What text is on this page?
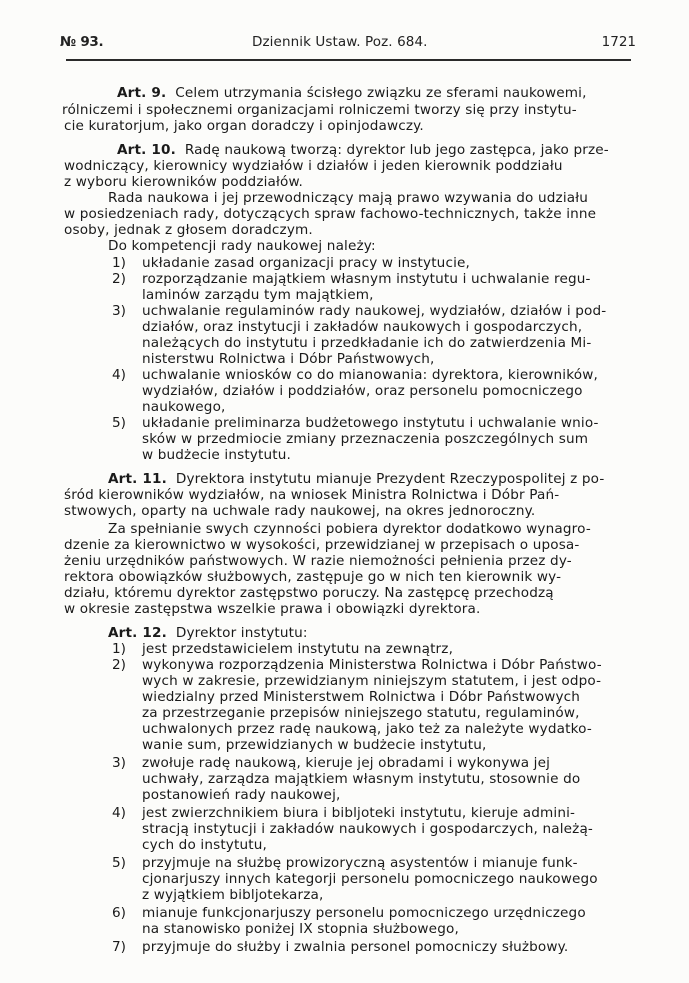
№ 93.	Dziennik Ustaw. Poz. 684.	1721
Art. 9. Celem utrzymania ścisłego związku ze sferami naukowemi,
rólniczemi i społecznemi organizacjami rolniczemi tworzy się przy instytu-
cie kuratorjum, jako organ doradczy i opinjodawczy.
Art. 10. Radę naukową tworzą: dyrektor lub jego zastępca, jako prze-
wodniczący, kierownicy wydziałów i działów i jeden kierownik poddziału
z wyboru kierowników poddziałów.
Rada naukowa i jej przewodniczący mają prawo wzywania do udziału
w posiedzeniach rady, dotyczących spraw fachowo-technicznych, także inne
osoby, jednak z głosem doradczym.
Do kompetencji rady naukowej należy:
1) układanie zasad organizacji pracy w instytucie,
2) rozporządzanie majątkiem własnym instytutu i uchwalanie regu-
laminów zarządu tym majątkiem,
3) uchwalanie regulaminów rady naukowej, wydziałów, działów i pod-
działów, oraz instytucji i zakładów naukowych i gospodarczych,
należących do instytutu i przedkładanie ich do zatwierdzenia Mi-
nisterstwu Rolnictwa i Dóbr Państwowych,
4) uchwalanie wniosków co do mianowania: dyrektora, kierowników,
wydziałów, działów i poddziałów, oraz personelu pomocniczego
naukowego,
5) układanie preliminarza budżetowego instytutu i uchwalanie wnio-
sków w przedmiocie zmiany przeznaczenia poszczególnych sum
w budżecie instytutu.
Art. 11. Dyrektora instytutu mianuje Prezydent Rzeczypospolitej z po-
śród kierowników wydziałów, na wniosek Ministra Rolnictwa i Dóbr Pań-
stwowych, oparty na uchwale rady naukowej, na okres jednoroczny.
Za spełnianie swych czynności pobiera dyrektor dodatkowo wynagro-
dzenie za kierownictwo w wysokości, przewidzianej w przepisach o uposa-
żeniu urzędników państwowych. W razie niemożności pełnienia przez dy-
rektora obowiązków służbowych, zastępuje go w nich ten kierownik wy-
działu, któremu dyrektor zastępstwo poruczy. Na zastępcę przechodzą
w okresie zastępstwa wszelkie prawa i obowiązki dyrektora.
Art. 12. Dyrektor instytutu:
1) jest przedstawicielem instytutu na zewnątrz,
2) wykonywa rozporządzenia Ministerstwa Rolnictwa i Dóbr Państwo-
wych w zakresie, przewidzianym niniejszym statutem, i jest odpo-
wiedzialny przed Ministerstwem Rolnictwa i Dóbr Państwowych
za przestrzeganie przepisów niniejszego statutu, regulaminów,
uchwalonych przez radę naukową, jako też za należyte wydatko-
wanie sum, przewidzianych w budżecie instytutu,
3) zwołuje radę naukową, kieruje jej obradami i wykonywa jej
uchwały, zarządza majątkiem własnym instytutu, stosownie do
postanowień rady naukowej,
4) jest zwierzchnikiem biura i bibljoteki instytutu, kieruje admini-
stracją instytucji i zakładów naukowych i gospodarczych, należą-
cych do instytutu,
5) przyjmuje na służbę prowizoryczną asystentów i mianuje funk-
cjonarjuszy innych kategorji personelu pomocniczego naukowego
z wyjątkiem bibljotekarza,
6) mianuje funkcjonarjuszy personelu pomocniczego urzędniczego
na stanowisko poniżej IX stopnia służbowego,
7) przyjmuje do służby i zwalnia personel pomocniczy służbowy.
